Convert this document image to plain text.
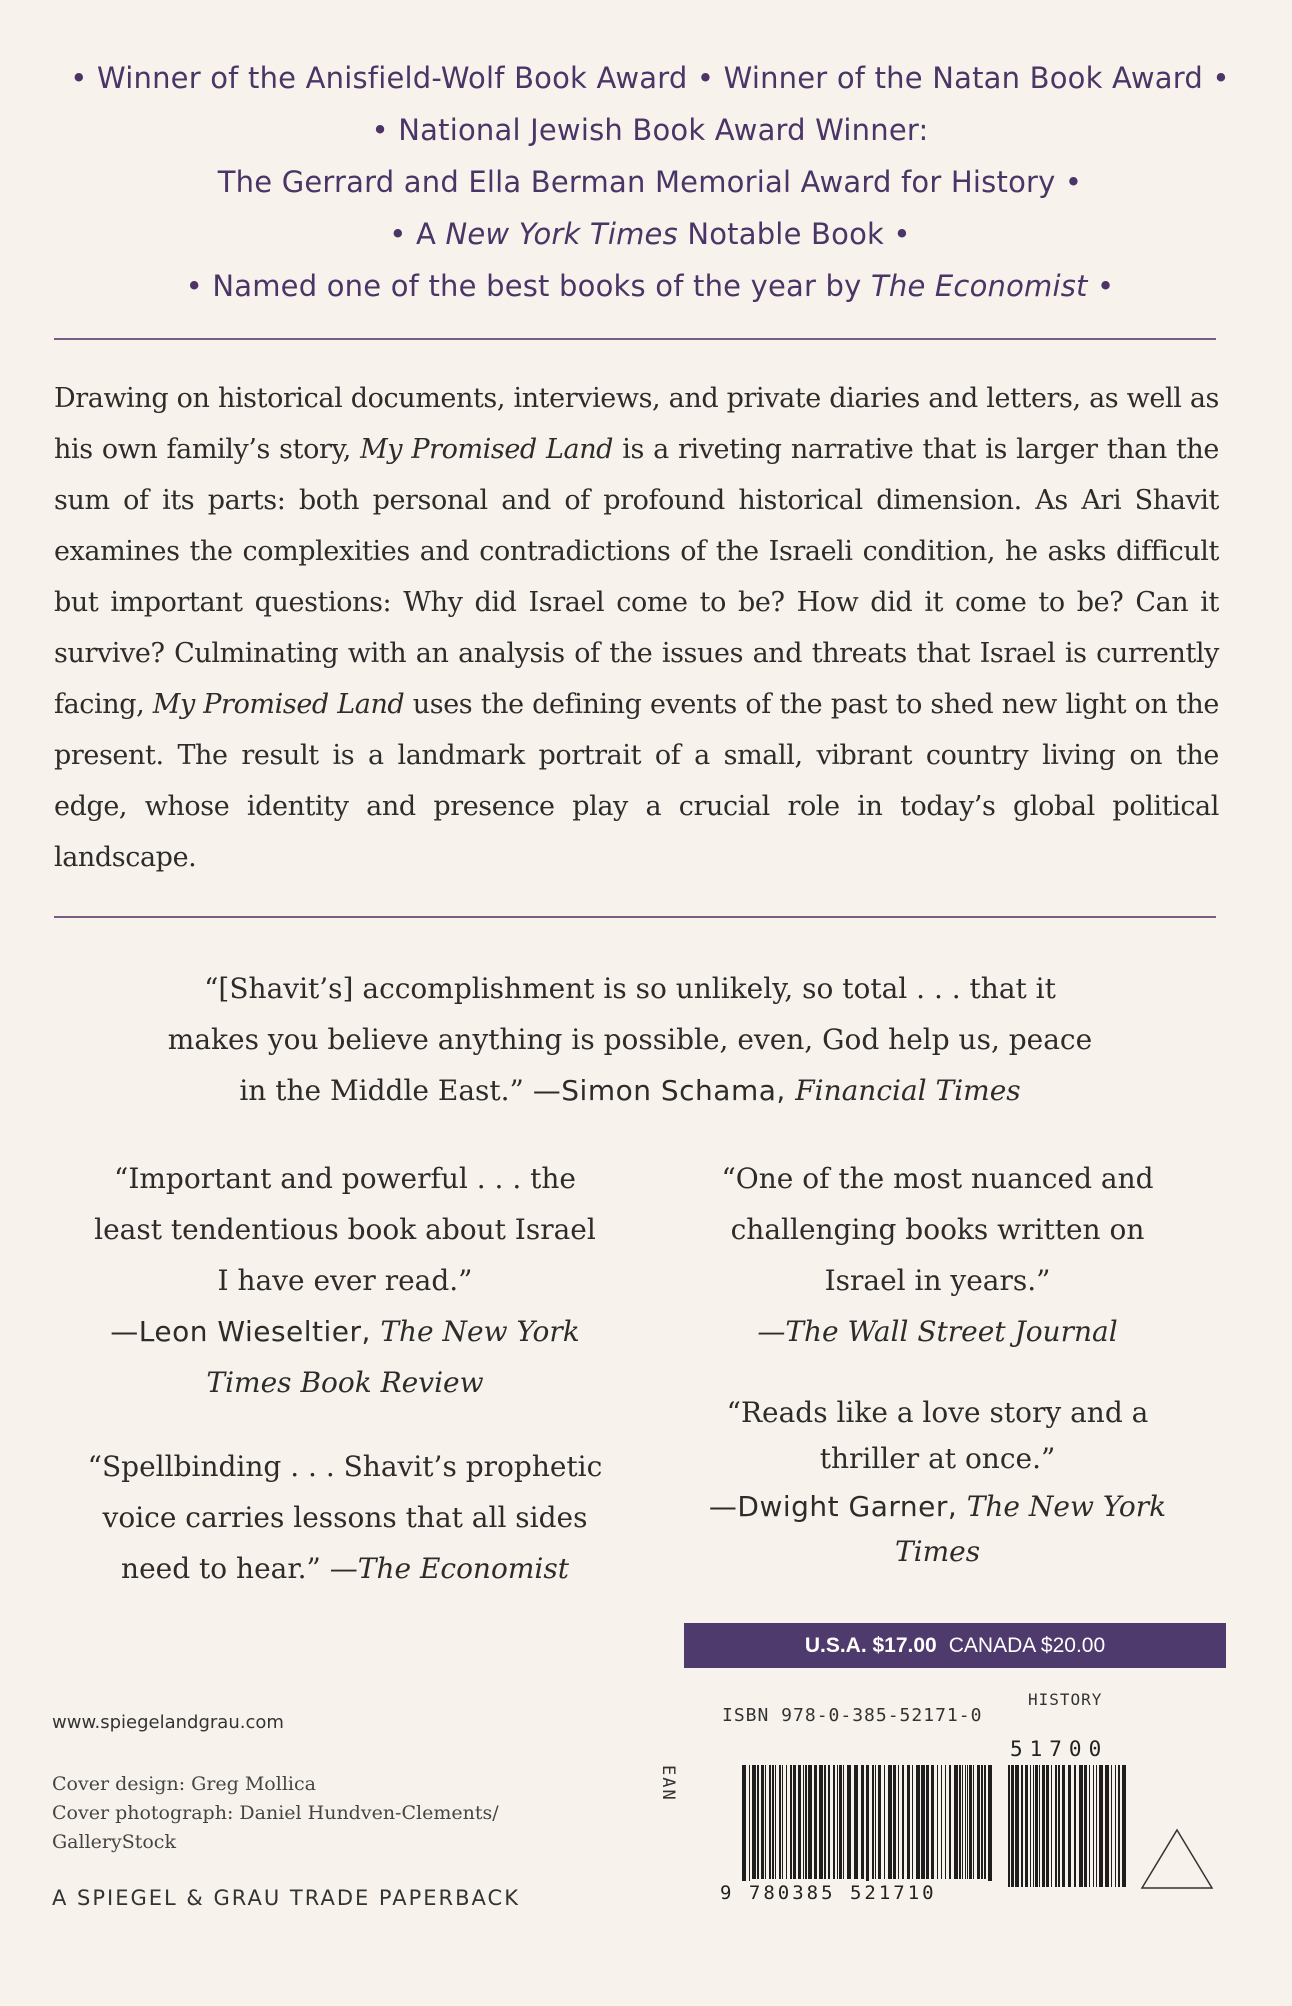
• Winner of the Anisfield-Wolf Book Award • Winner of the Natan Book Award •
• National Jewish Book Award Winner:
The Gerrard and Ella Berman Memorial Award for History •
• A New York Times Notable Book •
• Named one of the best books of the year by The Economist •
Drawing on historical documents, interviews, and private diaries and letters, as well as his own family’s story, My Promised Land is a riveting narrative that is larger than the sum of its parts: both personal and of profound historical dimension. As Ari Shavit examines the complexities and contradictions of the Israeli condition, he asks difficult but important questions: Why did Israel come to be? How did it come to be? Can it survive? Culminating with an analysis of the issues and threats that Israel is currently facing, My Promised Land uses the defining events of the past to shed new light on the present. The result is a landmark portrait of a small, vibrant country living on the edge, whose identity and presence play a crucial role in today’s global political landscape.
“[Shavit’s] accomplishment is so unlikely, so total . . . that it
makes you believe anything is possible, even, God help us, peace
in the Middle East.” —Simon Schama, Financial Times
“Important and powerful . . . the
least tendentious book about Israel
I have ever read.”
—Leon Wieseltier, The New York
Times Book Review
“Spellbinding . . . Shavit’s prophetic
voice carries lessons that all sides
need to hear.” —The Economist
“One of the most nuanced and
challenging books written on
Israel in years.”
—The Wall Street Journal
“Reads like a love story and a
thriller at once.”
—Dwight Garner, The New York
Times
U.S.A. $17.00 CANADA $20.00
www.spiegelandgrau.com
Cover design: Greg Mollica
Cover photograph: Daniel Hundven-Clements/
GalleryStock
A SPIEGEL & GRAU TRADE PAPERBACK
HISTORY
ISBN 978-0-385-52171-0
EAN
51700
9 780385 521710
